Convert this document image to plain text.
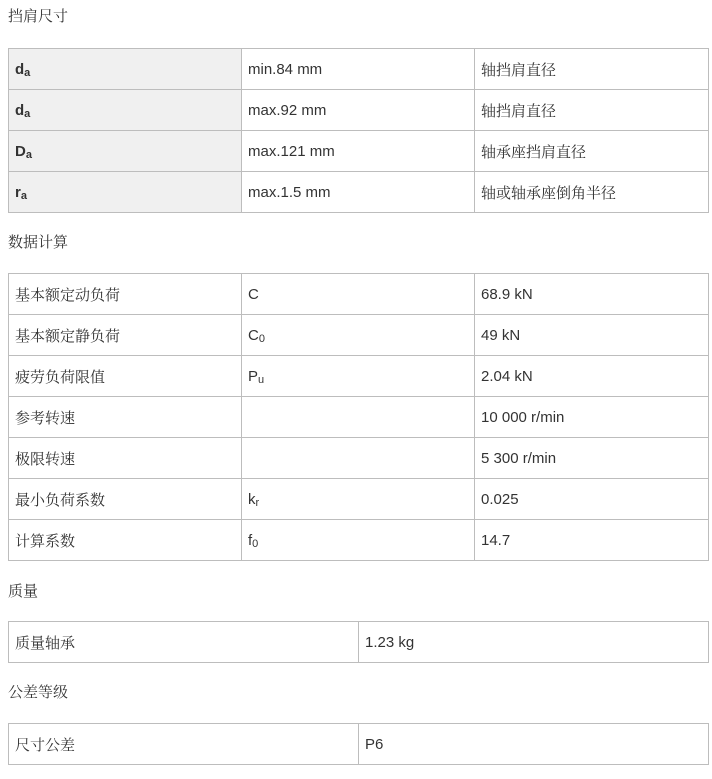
挡肩尺寸
da	min.84 mm	轴挡肩直径
da	max.92 mm	轴挡肩直径
Da	max.121 mm	轴承座挡肩直径
ra	max.1.5 mm	轴或轴承座倒角半径
数据计算
基本额定动负荷	C	68.9 kN
基本额定静负荷	C0	49 kN
疲劳负荷限值	Pu	2.04 kN
参考转速		10 000 r/min
极限转速		5 300 r/min
最小负荷系数	kr	0.025
计算系数	f0	14.7
质量
质量轴承	1.23 kg
公差等级
尺寸公差	P6
